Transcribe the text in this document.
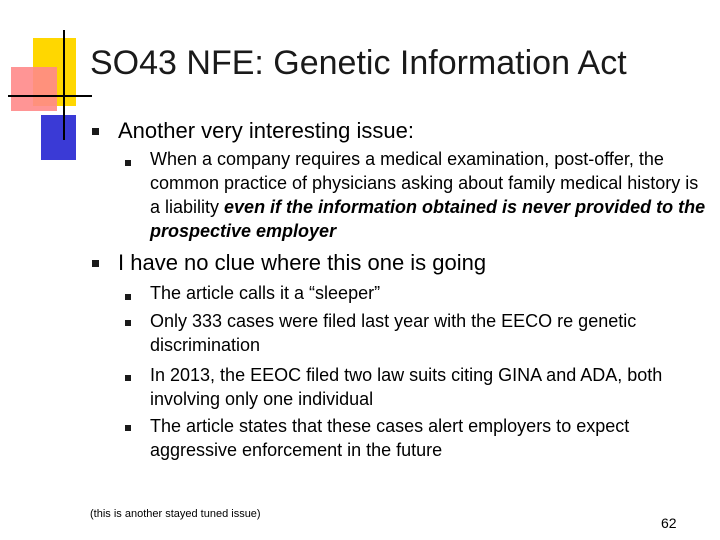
SO43 NFE: Genetic Information Act
Another very interesting issue:
When a company requires a medical examination, post-offer, the common practice of physicians asking about family medical history is a liability even if the information obtained is never provided to the prospective employer
I have no clue where this one is going
The article calls it a “sleeper”
Only 333 cases were filed last year with the EECO re genetic discrimination
In 2013, the EEOC filed two law suits citing GINA and ADA, both involving only one individual
The article states that these cases alert employers to expect aggressive enforcement in the future
(this is another stayed tuned issue)
62
